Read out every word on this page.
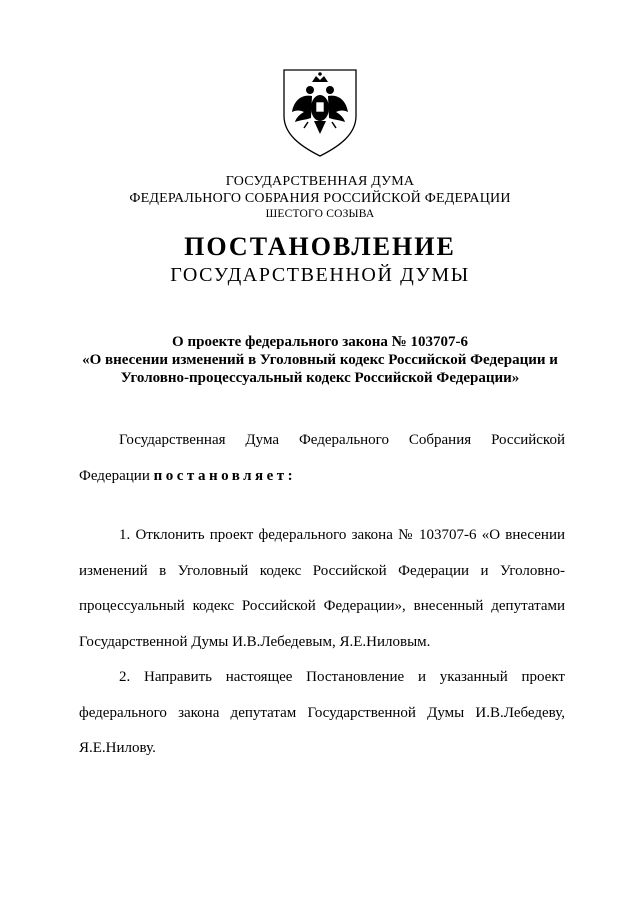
ГОСУДАРСТВЕННАЯ ДУМА
ФЕДЕРАЛЬНОГО СОБРАНИЯ РОССИЙСКОЙ ФЕДЕРАЦИИ
ШЕСТОГО СОЗЫВА
ПОСТАНОВЛЕНИЕ
ГОСУДАРСТВЕННОЙ ДУМЫ
О проекте федерального закона № 103707-6
«О внесении изменений в Уголовный кодекс Российской Федерации и
Уголовно-процессуальный кодекс Российской Федерации»
Государственная Дума Федерального Собрания Российской
Федерации постановляет:
1. Отклонить проект федерального закона № 103707-6 «О внесении
изменений в Уголовный кодекс Российской Федерации и Уголовно-
процессуальный кодекс Российской Федерации», внесенный депутатами
Государственной Думы И.В.Лебедевым, Я.Е.Ниловым.
2. Направить настоящее Постановление и указанный проект
федерального закона депутатам Государственной Думы И.В.Лебедеву,
Я.Е.Нилову.
